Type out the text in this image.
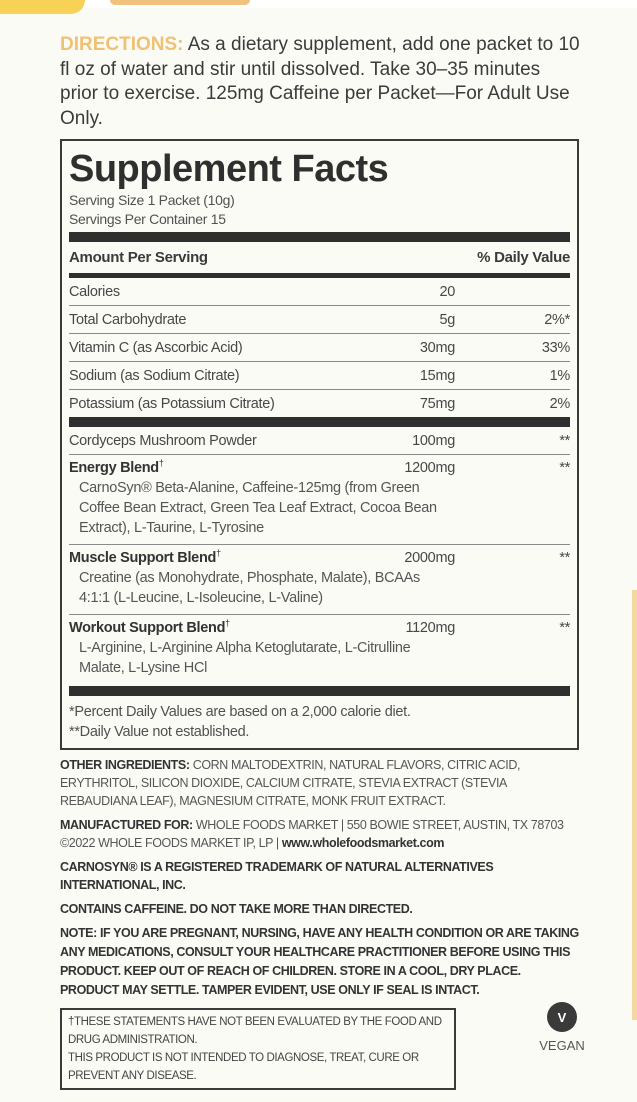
DIRECTIONS: As a dietary supplement, add one packet to 10 fl oz of water and stir until dissolved. Take 30–35 minutes prior to exercise. 125mg Caffeine per Packet—For Adult Use Only.
Supplement Facts
Serving Size 1 Packet (10g)
Servings Per Container 15
Amount Per Serving	% Daily Value
Calories	20
Total Carbohydrate	5g	2%*
Vitamin C (as Ascorbic Acid)	30mg	33%
Sodium (as Sodium Citrate)	15mg	1%
Potassium (as Potassium Citrate)	75mg	2%
Cordyceps Mushroom Powder	100mg	**
Energy Blend†	1200mg	**
CarnoSyn® Beta-Alanine, Caffeine-125mg (from Green Coffee Bean Extract, Green Tea Leaf Extract, Cocoa Bean Extract), L-Taurine, L-Tyrosine
Muscle Support Blend†	2000mg	**
Creatine (as Monohydrate, Phosphate, Malate), BCAAs 4:1:1 (L-Leucine, L-Isoleucine, L-Valine)
Workout Support Blend†	1120mg	**
L-Arginine, L-Arginine Alpha Ketoglutarate, L-Citrulline Malate, L-Lysine HCl
*Percent Daily Values are based on a 2,000 calorie diet.
**Daily Value not established.
OTHER INGREDIENTS: CORN MALTODEXTRIN, NATURAL FLAVORS, CITRIC ACID, ERYTHRITOL, SILICON DIOXIDE, CALCIUM CITRATE, STEVIA EXTRACT (STEVIA REBAUDIANA LEAF), MAGNESIUM CITRATE, MONK FRUIT EXTRACT.
MANUFACTURED FOR: WHOLE FOODS MARKET | 550 BOWIE STREET, AUSTIN, TX 78703
©2022 WHOLE FOODS MARKET IP, LP | www.wholefoodsmarket.com
CARNOSYN® IS A REGISTERED TRADEMARK OF NATURAL ALTERNATIVES INTERNATIONAL, INC.
CONTAINS CAFFEINE. DO NOT TAKE MORE THAN DIRECTED.
NOTE: IF YOU ARE PREGNANT, NURSING, HAVE ANY HEALTH CONDITION OR ARE TAKING ANY MEDICATIONS, CONSULT YOUR HEALTHCARE PRACTITIONER BEFORE USING THIS PRODUCT. KEEP OUT OF REACH OF CHILDREN. STORE IN A COOL, DRY PLACE. PRODUCT MAY SETTLE. TAMPER EVIDENT, USE ONLY IF SEAL IS INTACT.
†THESE STATEMENTS HAVE NOT BEEN EVALUATED BY THE FOOD AND DRUG ADMINISTRATION.
THIS PRODUCT IS NOT INTENDED TO DIAGNOSE, TREAT, CURE OR PREVENT ANY DISEASE.
V
VEGAN
